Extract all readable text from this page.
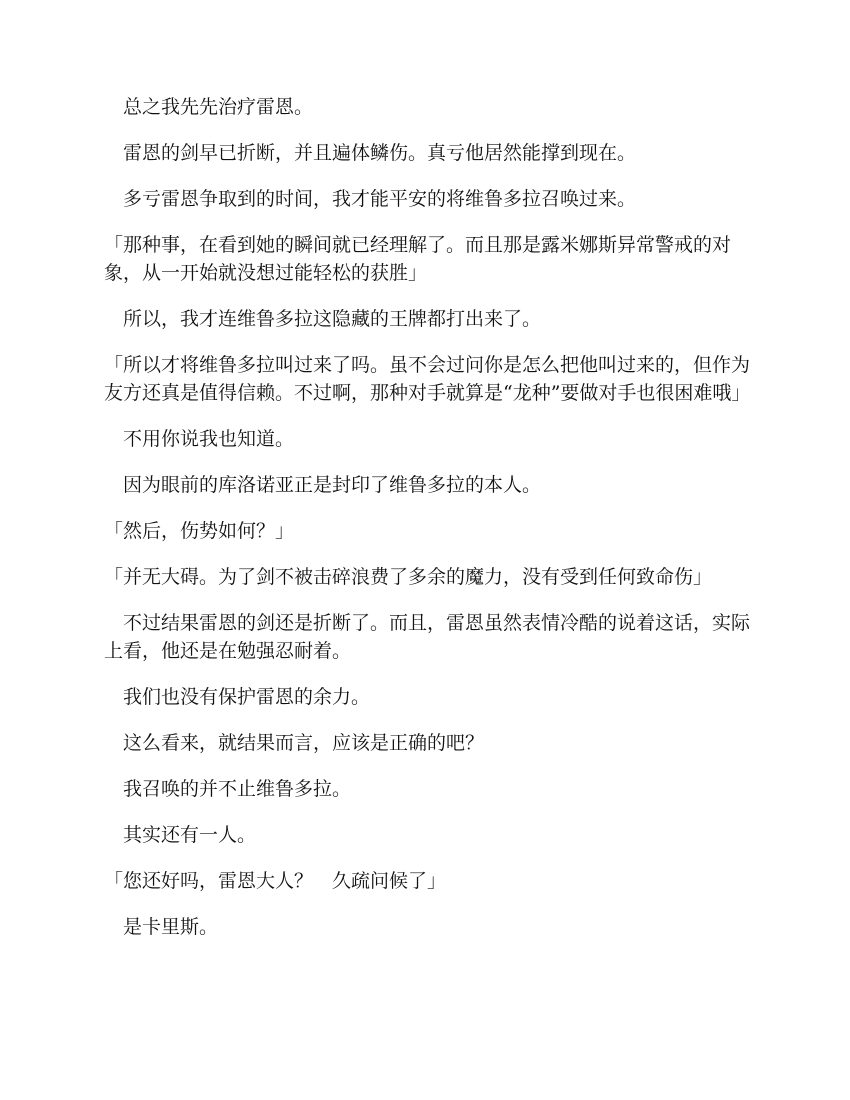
　总之我先先治疗雷恩。

　雷恩的剑早已折断，并且遍体鳞伤。真亏他居然能撑到现在。

　多亏雷恩争取到的时间，我才能平安的将维鲁多拉召唤过来。

「那种事，在看到她的瞬间就已经理解了。而且那是露米娜斯异常警戒的对象，从一开始就没想过能轻松的获胜」

　所以，我才连维鲁多拉这隐藏的王牌都打出来了。

「所以才将维鲁多拉叫过来了吗。虽不会过问你是怎么把他叫过来的，但作为友方还真是值得信赖。不过啊，那种对手就算是“龙种”要做对手也很困难哦」

　不用你说我也知道。

　因为眼前的库洛诺亚正是封印了维鲁多拉的本人。

「然后，伤势如何？」

「并无大碍。为了剑不被击碎浪费了多余的魔力，没有受到任何致命伤」

　不过结果雷恩的剑还是折断了。而且，雷恩虽然表情冷酷的说着这话，实际上看，他还是在勉强忍耐着。

　我们也没有保护雷恩的余力。

　这么看来，就结果而言，应该是正确的吧？

　我召唤的并不止维鲁多拉。

　其实还有一人。

「您还好吗，雷恩大人？　久疏问候了」

　是卡里斯。
